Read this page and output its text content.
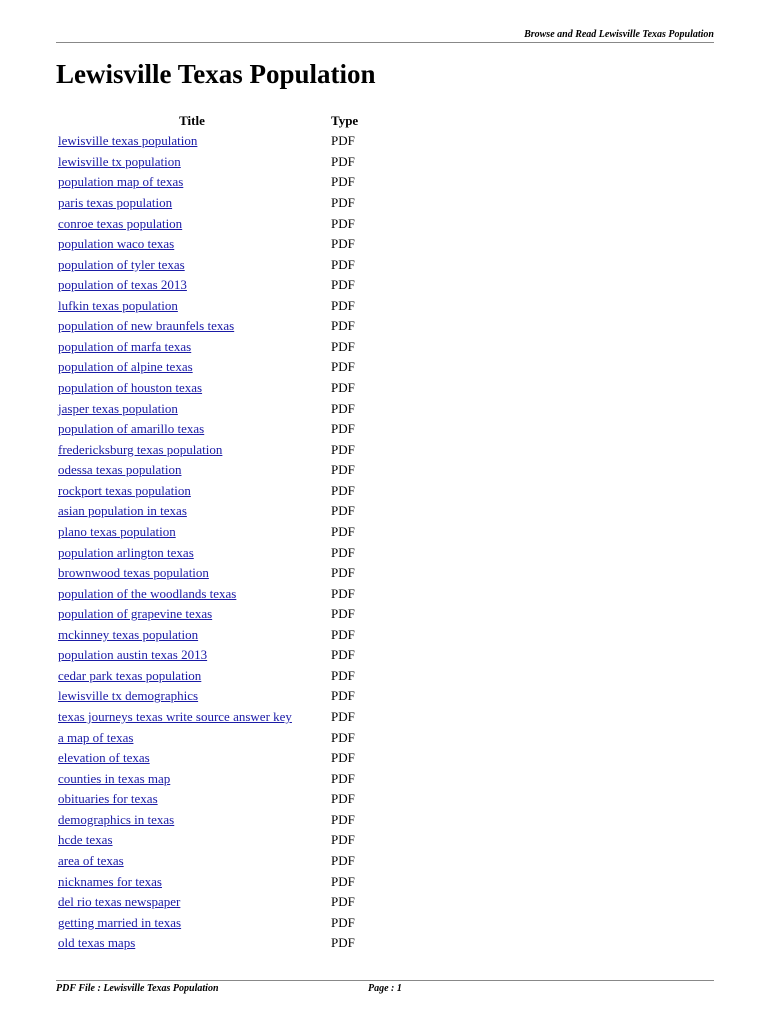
Browse and Read Lewisville Texas Population
Lewisville Texas Population
Title	Type
lewisville texas population	PDF
lewisville tx population	PDF
population map of texas	PDF
paris texas population	PDF
conroe texas population	PDF
population waco texas	PDF
population of tyler texas	PDF
population of texas 2013	PDF
lufkin texas population	PDF
population of new braunfels texas	PDF
population of marfa texas	PDF
population of alpine texas	PDF
population of houston texas	PDF
jasper texas population	PDF
population of amarillo texas	PDF
fredericksburg texas population	PDF
odessa texas population	PDF
rockport texas population	PDF
asian population in texas	PDF
plano texas population	PDF
population arlington texas	PDF
brownwood texas population	PDF
population of the woodlands texas	PDF
population of grapevine texas	PDF
mckinney texas population	PDF
population austin texas 2013	PDF
cedar park texas population	PDF
lewisville tx demographics	PDF
texas journeys texas write source answer key	PDF
a map of texas	PDF
elevation of texas	PDF
counties in texas map	PDF
obituaries for texas	PDF
demographics in texas	PDF
hcde texas	PDF
area of texas	PDF
nicknames for texas	PDF
del rio texas newspaper	PDF
getting married in texas	PDF
old texas maps	PDF
PDF File : Lewisville Texas Population	Page : 1
